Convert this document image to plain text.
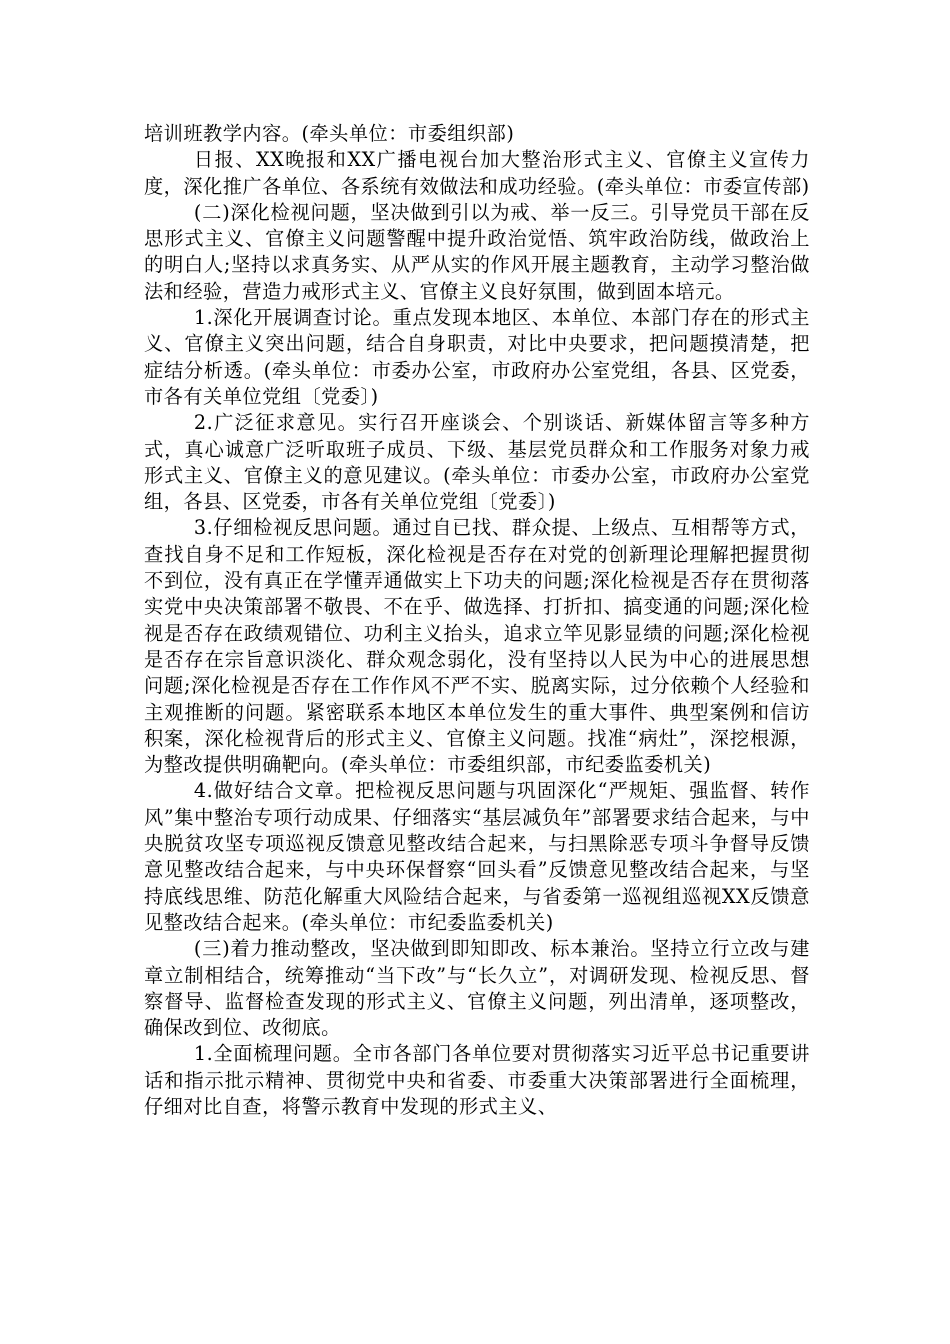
培训班教学内容。(牵头单位：市委组织部)

日报、XX晚报和XX广播电视台加大整治形式主义、官僚主义宣传力度，深化推广各单位、各系统有效做法和成功经验。(牵头单位：市委宣传部)

(二)深化检视问题，坚决做到引以为戒、举一反三。引导党员干部在反思形式主义、官僚主义问题警醒中提升政治觉悟、筑牢政治防线，做政治上的明白人;坚持以求真务实、从严从实的作风开展主题教育，主动学习整治做法和经验，营造力戒形式主义、官僚主义良好氛围，做到固本培元。

1.深化开展调查讨论。重点发现本地区、本单位、本部门存在的形式主义、官僚主义突出问题，结合自身职责，对比中央要求，把问题摸清楚，把症结分析透。(牵头单位：市委办公室，市政府办公室党组，各县、区党委，市各有关单位党组〔党委〕)

2.广泛征求意见。实行召开座谈会、个别谈话、新媒体留言等多种方式，真心诚意广泛听取班子成员、下级、基层党员群众和工作服务对象力戒形式主义、官僚主义的意见建议。(牵头单位：市委办公室，市政府办公室党组，各县、区党委，市各有关单位党组〔党委〕)

3.仔细检视反思问题。通过自已找、群众提、上级点、互相帮等方式，查找自身不足和工作短板，深化检视是否存在对党的创新理论理解把握贯彻不到位，没有真正在学懂弄通做实上下功夫的问题;深化检视是否存在贯彻落实党中央决策部署不敬畏、不在乎、做选择、打折扣、搞变通的问题;深化检视是否存在政绩观错位、功利主义抬头，追求立竿见影显绩的问题;深化检视是否存在宗旨意识淡化、群众观念弱化，没有坚持以人民为中心的进展思想问题;深化检视是否存在工作作风不严不实、脱离实际，过分依赖个人经验和主观推断的问题。紧密联系本地区本单位发生的重大事件、典型案例和信访积案，深化检视背后的形式主义、官僚主义问题。找准“病灶”，深挖根源，为整改提供明确靶向。(牵头单位：市委组织部，市纪委监委机关)

4.做好结合文章。把检视反思问题与巩固深化“严规矩、强监督、转作风”集中整治专项行动成果、仔细落实“基层减负年”部署要求结合起来，与中央脱贫攻坚专项巡视反馈意见整改结合起来，与扫黑除恶专项斗争督导反馈意见整改结合起来，与中央环保督察“回头看”反馈意见整改结合起来，与坚持底线思维、防范化解重大风险结合起来，与省委第一巡视组巡视XX反馈意见整改结合起来。(牵头单位：市纪委监委机关)

(三)着力推动整改，坚决做到即知即改、标本兼治。坚持立行立改与建章立制相结合，统筹推动“当下改”与“长久立”，对调研发现、检视反思、督察督导、监督检查发现的形式主义、官僚主义问题，列出清单，逐项整改，确保改到位、改彻底。

1.全面梳理问题。全市各部门各单位要对贯彻落实习近平总书记重要讲话和指示批示精神、贯彻党中央和省委、市委重大决策部署进行全面梳理，仔细对比自查，将警示教育中发现的形式主义、
